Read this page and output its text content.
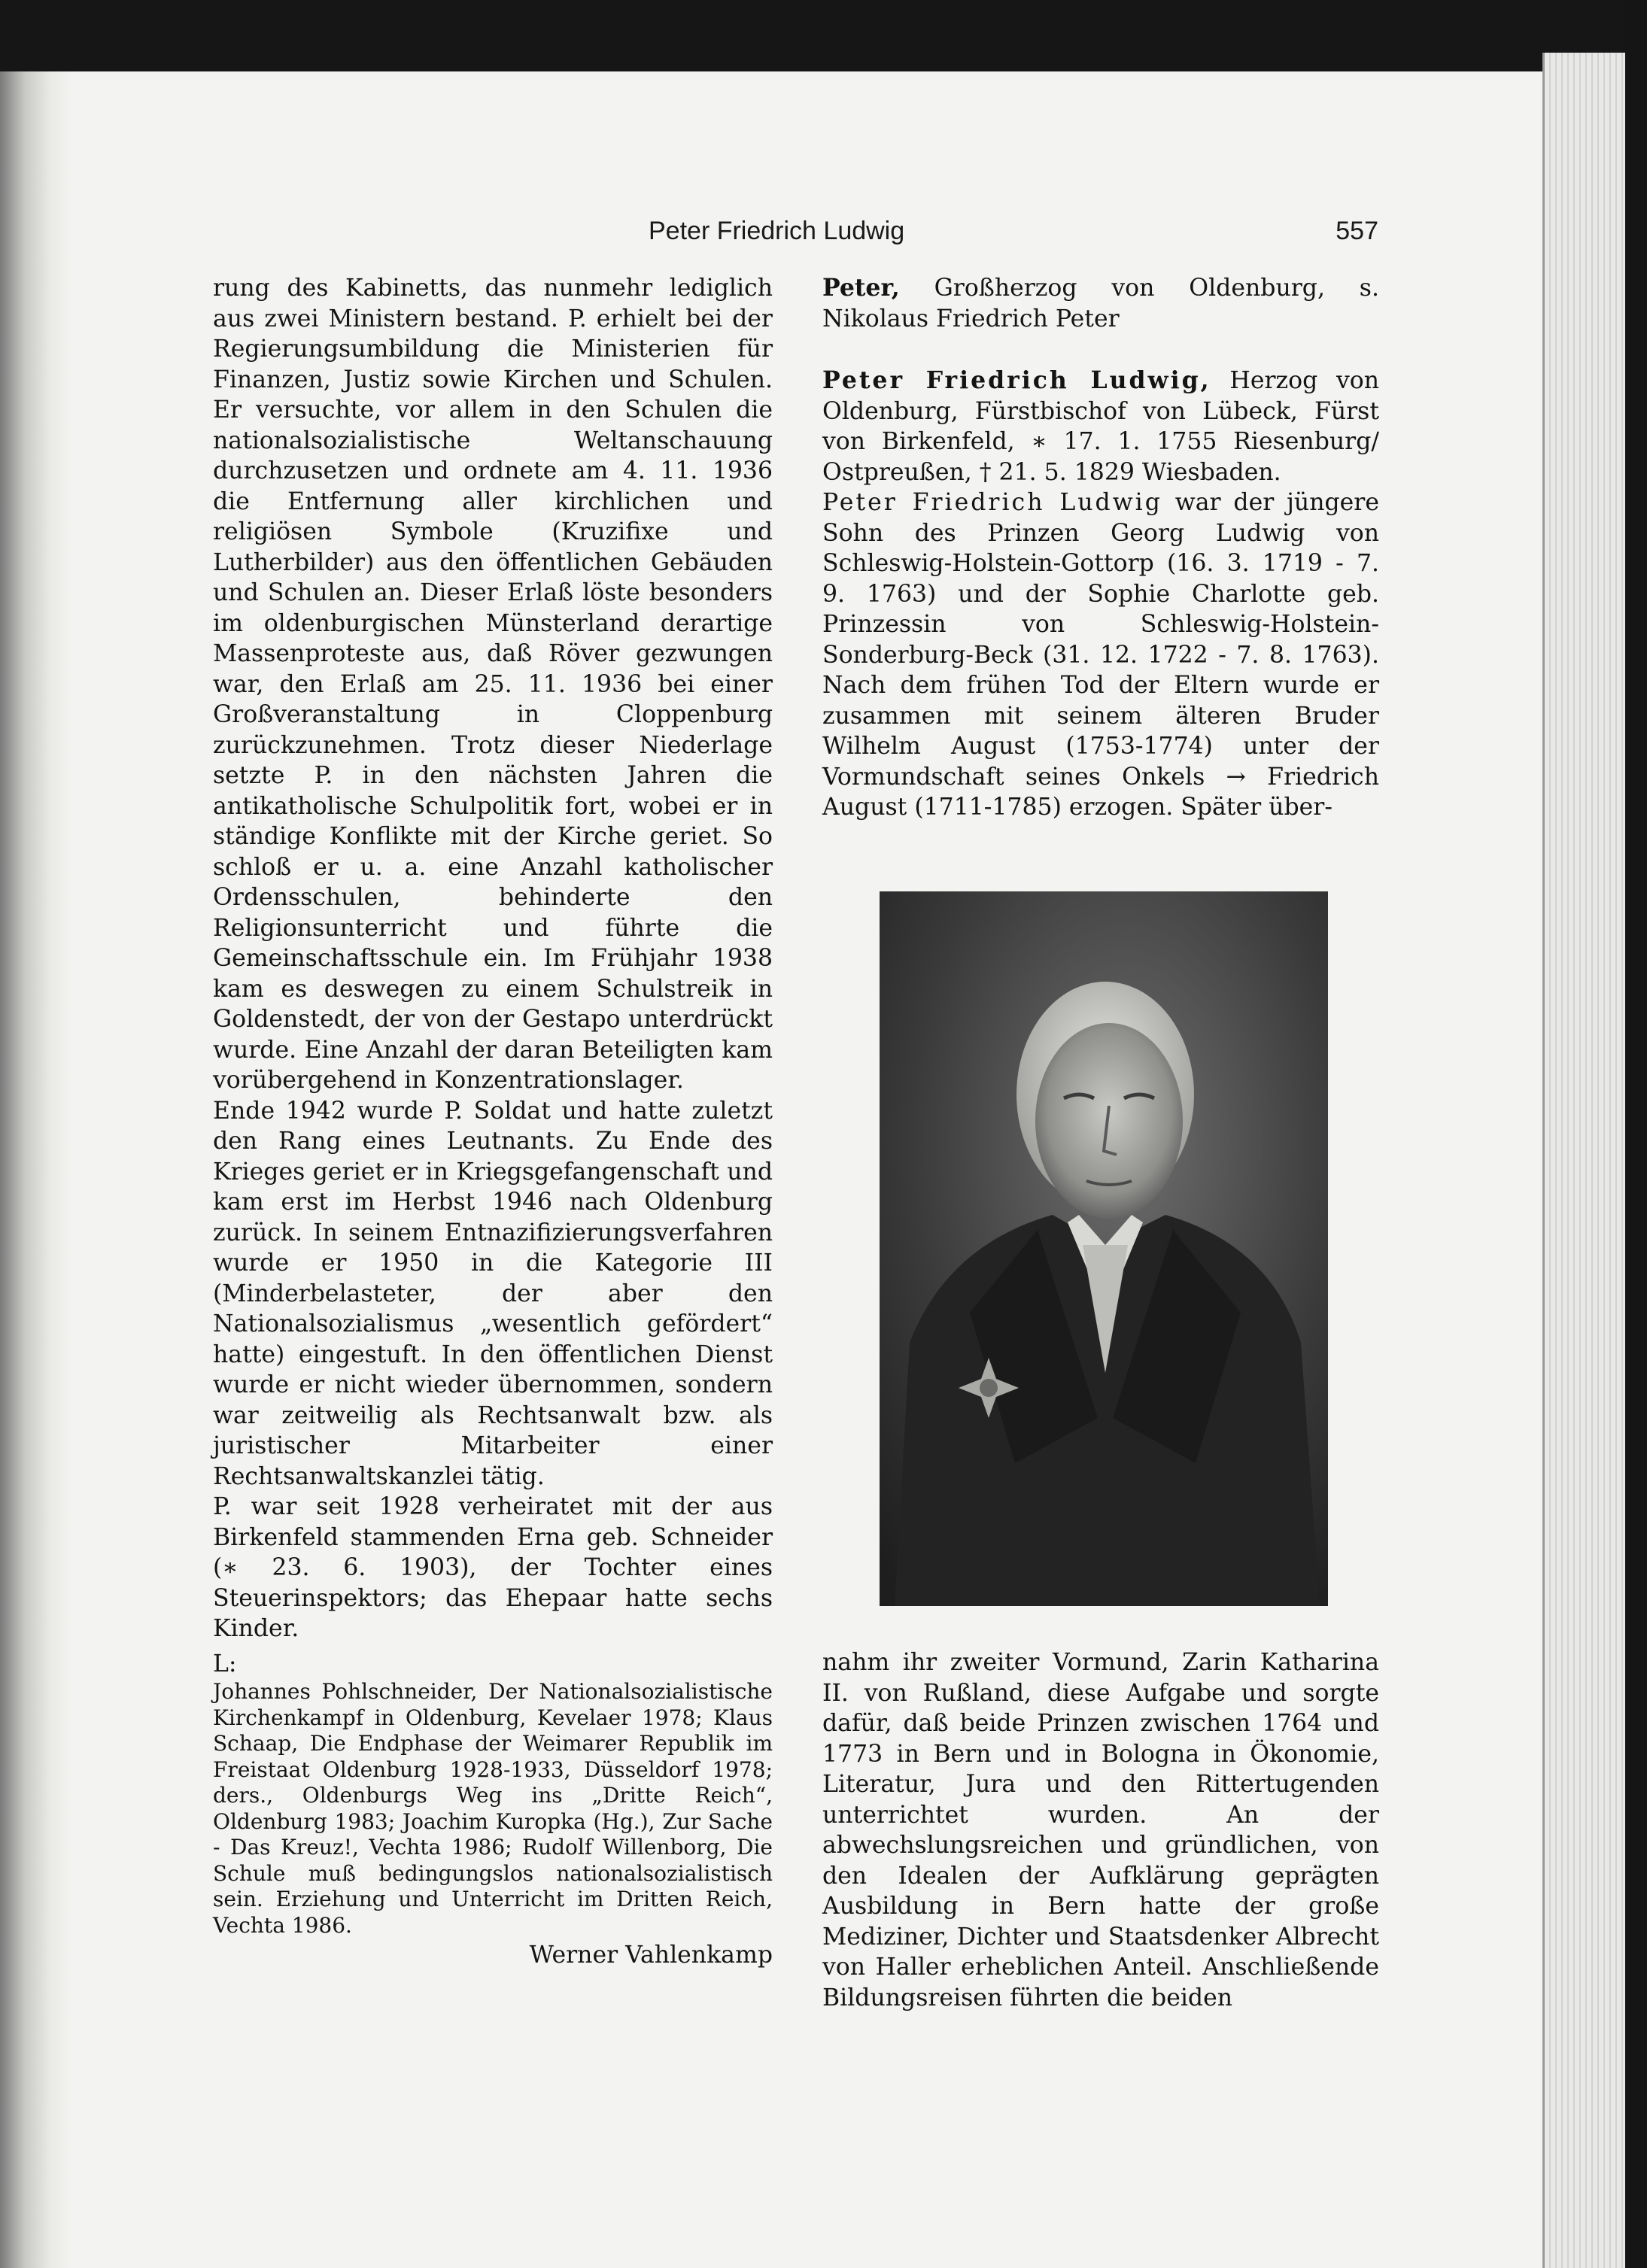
Peter Friedrich Ludwig	557

rung des Kabinetts, das nunmehr lediglich aus zwei Ministern bestand. P. erhielt bei der Regierungsumbildung die Ministerien für Finanzen, Justiz sowie Kirchen und Schulen. Er versuchte, vor allem in den Schulen die nationalsozialistische Weltanschauung durchzusetzen und ordnete am 4. 11. 1936 die Entfernung aller kirchlichen und religiösen Symbole (Kruzifixe und Lutherbilder) aus den öffentlichen Gebäuden und Schulen an. Dieser Erlaß löste besonders im oldenburgischen Münsterland derartige Massenproteste aus, daß Röver gezwungen war, den Erlaß am 25. 11. 1936 bei einer Großveranstaltung in Cloppenburg zurückzunehmen. Trotz dieser Niederlage setzte P. in den nächsten Jahren die antikatholische Schulpolitik fort, wobei er in ständige Konflikte mit der Kirche geriet. So schloß er u. a. eine Anzahl katholischer Ordensschulen, behinderte den Religionsunterricht und führte die Gemeinschaftsschule ein. Im Frühjahr 1938 kam es deswegen zu einem Schulstreik in Goldenstedt, der von der Gestapo unterdrückt wurde. Eine Anzahl der daran Beteiligten kam vorübergehend in Konzentrationslager.

Ende 1942 wurde P. Soldat und hatte zuletzt den Rang eines Leutnants. Zu Ende des Krieges geriet er in Kriegsgefangenschaft und kam erst im Herbst 1946 nach Oldenburg zurück. In seinem Entnazifizierungsverfahren wurde er 1950 in die Kategorie III (Minderbelasteter, der aber den Nationalsozialismus „wesentlich gefördert“ hatte) eingestuft. In den öffentlichen Dienst wurde er nicht wieder übernommen, sondern war zeitweilig als Rechtsanwalt bzw. als juristischer Mitarbeiter einer Rechtsanwaltskanzlei tätig.

P. war seit 1928 verheiratet mit der aus Birkenfeld stammenden Erna geb. Schneider (∗ 23. 6. 1903), der Tochter eines Steuerinspektors; das Ehepaar hatte sechs Kinder.

L:

Johannes Pohlschneider, Der Nationalsozialistische Kirchenkampf in Oldenburg, Kevelaer 1978; Klaus Schaap, Die Endphase der Weimarer Republik im Freistaat Oldenburg 1928-1933, Düsseldorf 1978; ders., Oldenburgs Weg ins „Dritte Reich“, Oldenburg 1983; Joachim Kuropka (Hg.), Zur Sache - Das Kreuz!, Vechta 1986; Rudolf Willenborg, Die Schule muß bedingungslos nationalsozialistisch sein. Erziehung und Unterricht im Dritten Reich, Vechta 1986.

Werner Vahlenkamp

Peter, Großherzog von Oldenburg, s. Nikolaus Friedrich Peter

Peter Friedrich Ludwig, Herzog von Oldenburg, Fürstbischof von Lübeck, Fürst von Birkenfeld, ∗ 17. 1. 1755 Riesenburg/ Ostpreußen, † 21. 5. 1829 Wiesbaden.

Peter Friedrich Ludwig war der jüngere Sohn des Prinzen Georg Ludwig von Schleswig-Holstein-Gottorp (16. 3. 1719 - 7. 9. 1763) und der Sophie Charlotte geb. Prinzessin von Schleswig-Holstein-Sonderburg-Beck (31. 12. 1722 - 7. 8. 1763). Nach dem frühen Tod der Eltern wurde er zusammen mit seinem älteren Bruder Wilhelm August (1753-1774) unter der Vormundschaft seines Onkels → Friedrich August (1711-1785) erzogen. Später über-

nahm ihr zweiter Vormund, Zarin Katharina II. von Rußland, diese Aufgabe und sorgte dafür, daß beide Prinzen zwischen 1764 und 1773 in Bern und in Bologna in Ökonomie, Literatur, Jura und den Rittertugenden unterrichtet wurden. An der abwechslungsreichen und gründlichen, von den Idealen der Aufklärung geprägten Ausbildung in Bern hatte der große Mediziner, Dichter und Staatsdenker Albrecht von Haller erheblichen Anteil. Anschließende Bildungsreisen führten die beiden
